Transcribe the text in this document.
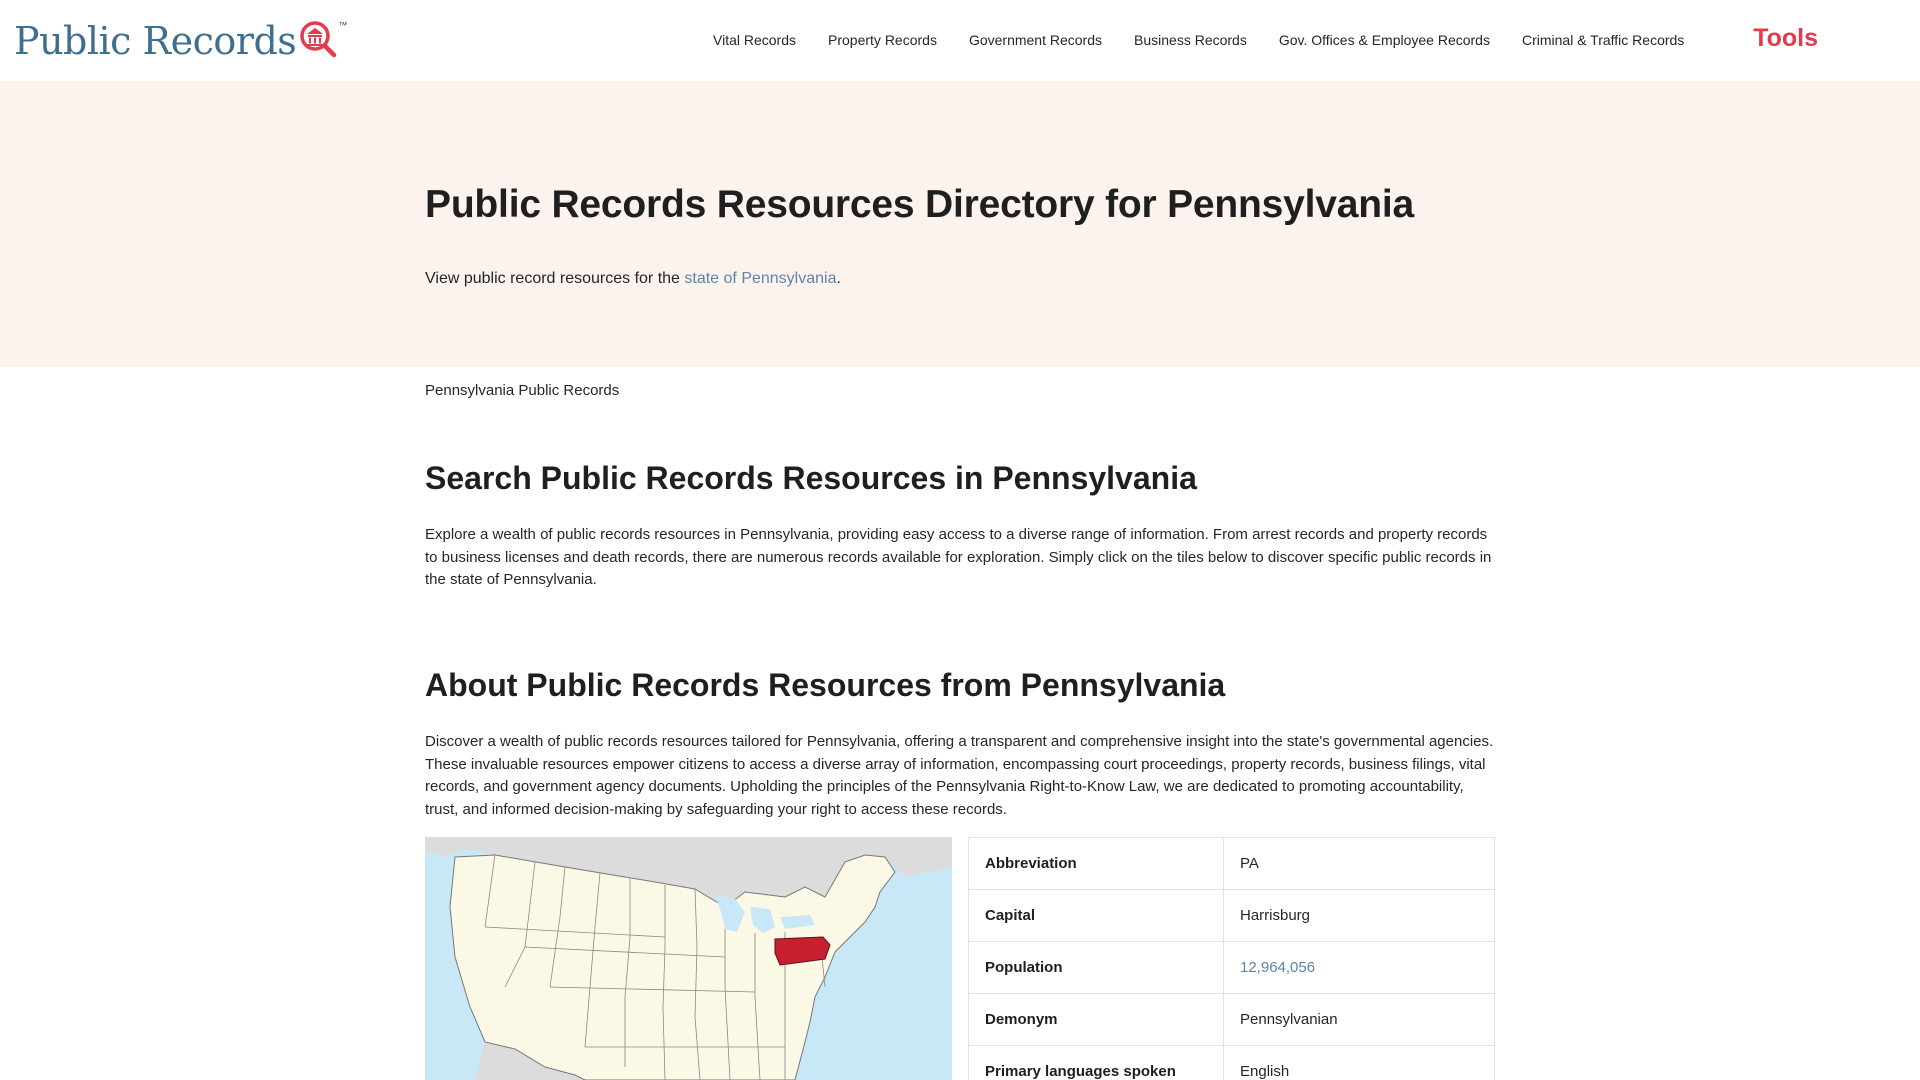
Public Records	™
Vital Records Property Records Government Records Business Records Gov. Offices & Employee Records Criminal & Traffic Records	Tools
Public Records Resources Directory for Pennsylvania

View public record resources for the state of Pennsylvania.

Pennsylvania Public Records
Search Public Records Resources in Pennsylvania

Explore a wealth of public records resources in Pennsylvania, providing easy access to a diverse range of information. From arrest records and property records to business licenses and death records, there are numerous records available for exploration. Simply click on the tiles below to discover specific public records in the state of Pennsylvania.

About Public Records Resources from Pennsylvania

Discover a wealth of public records resources tailored for Pennsylvania, offering a transparent and comprehensive insight into the state's governmental agencies. These invaluable resources empower citizens to access a diverse array of information, encompassing court proceedings, property records, business filings, vital records, and government agency documents. Upholding the principles of the Pennsylvania Right-to-Know Law, we are dedicated to promoting accountability, trust, and informed decision-making by safeguarding your right to access these records.

Abbreviation	PA
Capital	Harrisburg
Population	12,964,056
Demonym	Pennsylvanian
Primary languages spoken	English
